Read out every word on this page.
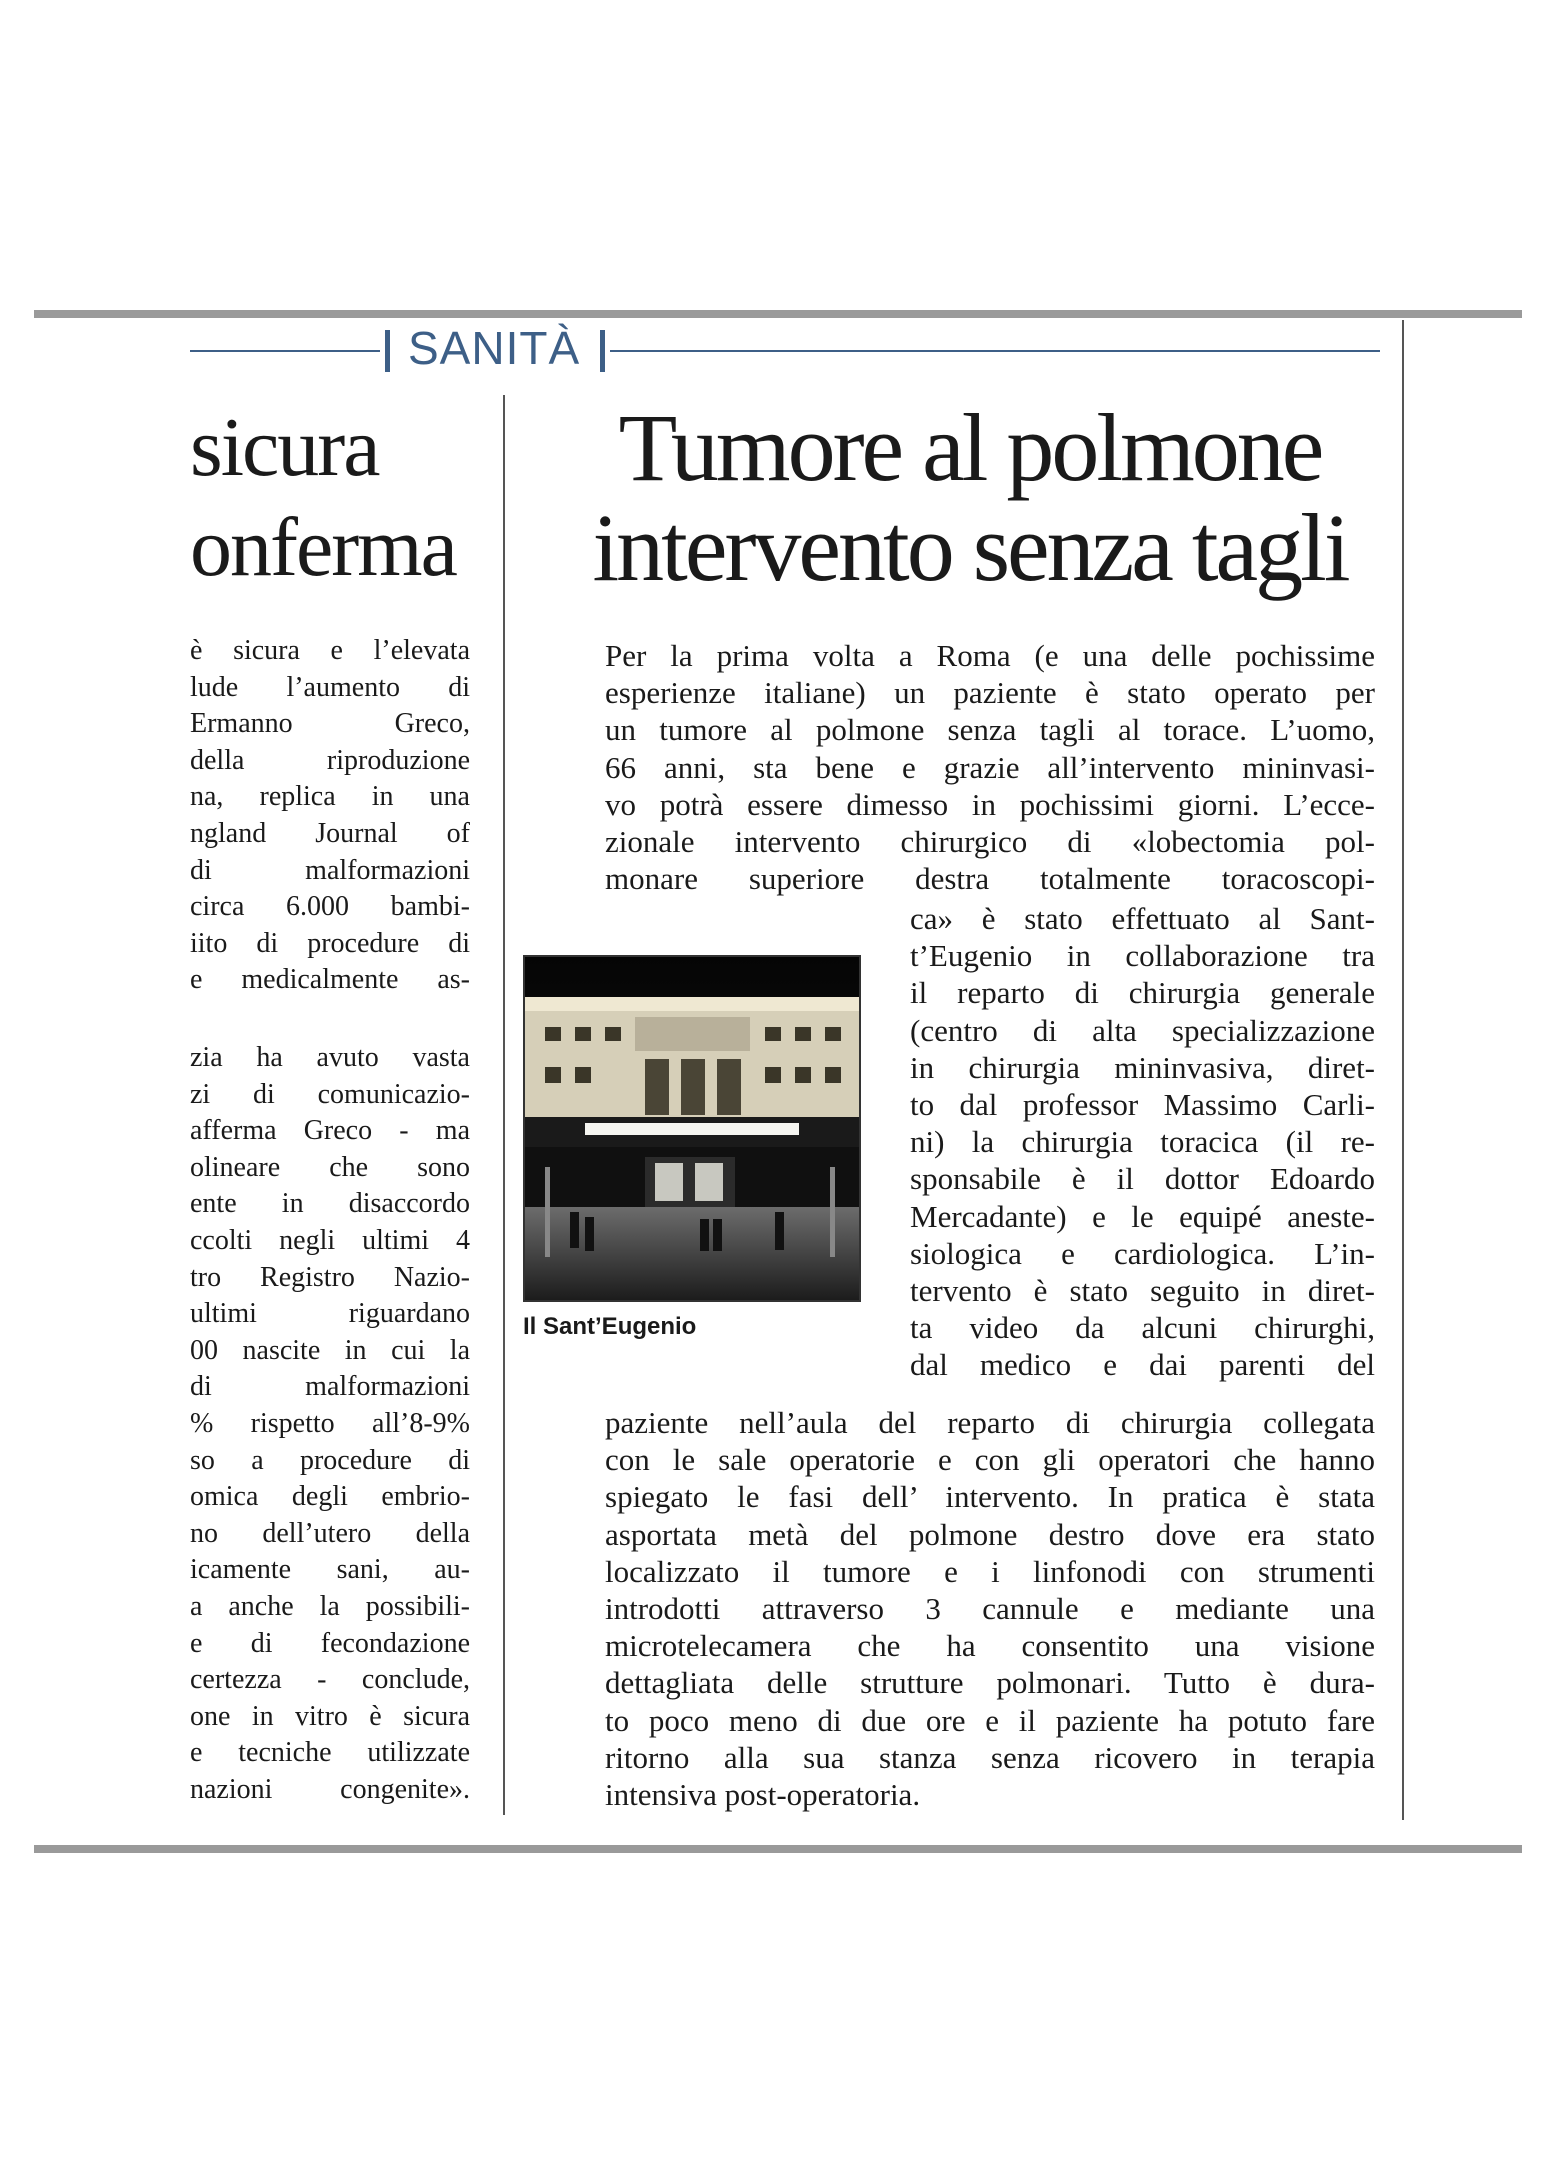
SANITÀ
sicura
onferma
è sicura e l’elevata
lude l’aumento di
Ermanno Greco,
della riproduzione
na, replica in una
ngland Journal of
di malformazioni
circa 6.000 bambi-
iito di procedure di
e medicalmente as-
zia ha avuto vasta
zi di comunicazio-
afferma Greco - ma
olineare che sono
ente in disaccordo
ccolti negli ultimi 4
tro Registro Nazio-
ultimi riguardano
00 nascite in cui la
di malformazioni
% rispetto all’8-9%
so a procedure di
omica degli embrio-
no dell’utero della
icamente sani, au-
a anche la possibili-
e di fecondazione
certezza - conclude,
one in vitro è sicura
e tecniche utilizzate
nazioni congenite».
Tumore al polmone
intervento senza tagli
Per la prima volta a Roma (e una delle pochissime
esperienze italiane) un paziente è stato operato per
un tumore al polmone senza tagli al torace. L’uomo,
66 anni, sta bene e grazie all’intervento mininvasi-
vo potrà essere dimesso in pochissimi giorni. L’ecce-
zionale intervento chirurgico di «lobectomia pol-
monare superiore destra totalmente toracoscopi-
Il Sant’Eugenio
ca» è stato effettuato al Sant-
t’Eugenio in collaborazione tra
il reparto di chirurgia generale
(centro di alta specializzazione
in chirurgia mininvasiva, diret-
to dal professor Massimo Carli-
ni) la chirurgia toracica (il re-
sponsabile è il dottor Edoardo
Mercadante) e le equipé aneste-
siologica e cardiologica. L’in-
tervento è stato seguito in diret-
ta video da alcuni chirurghi,
dal medico e dai parenti del
paziente nell’aula del reparto di chirurgia collegata
con le sale operatorie e con gli operatori che hanno
spiegato le fasi dell’ intervento. In pratica è stata
asportata metà del polmone destro dove era stato
localizzato il tumore e i linfonodi con strumenti
introdotti attraverso 3 cannule e mediante una
microtelecamera che ha consentito una visione
dettagliata delle strutture polmonari. Tutto è dura-
to poco meno di due ore e il paziente ha potuto fare
ritorno alla sua stanza senza ricovero in terapia
intensiva post-operatoria.
